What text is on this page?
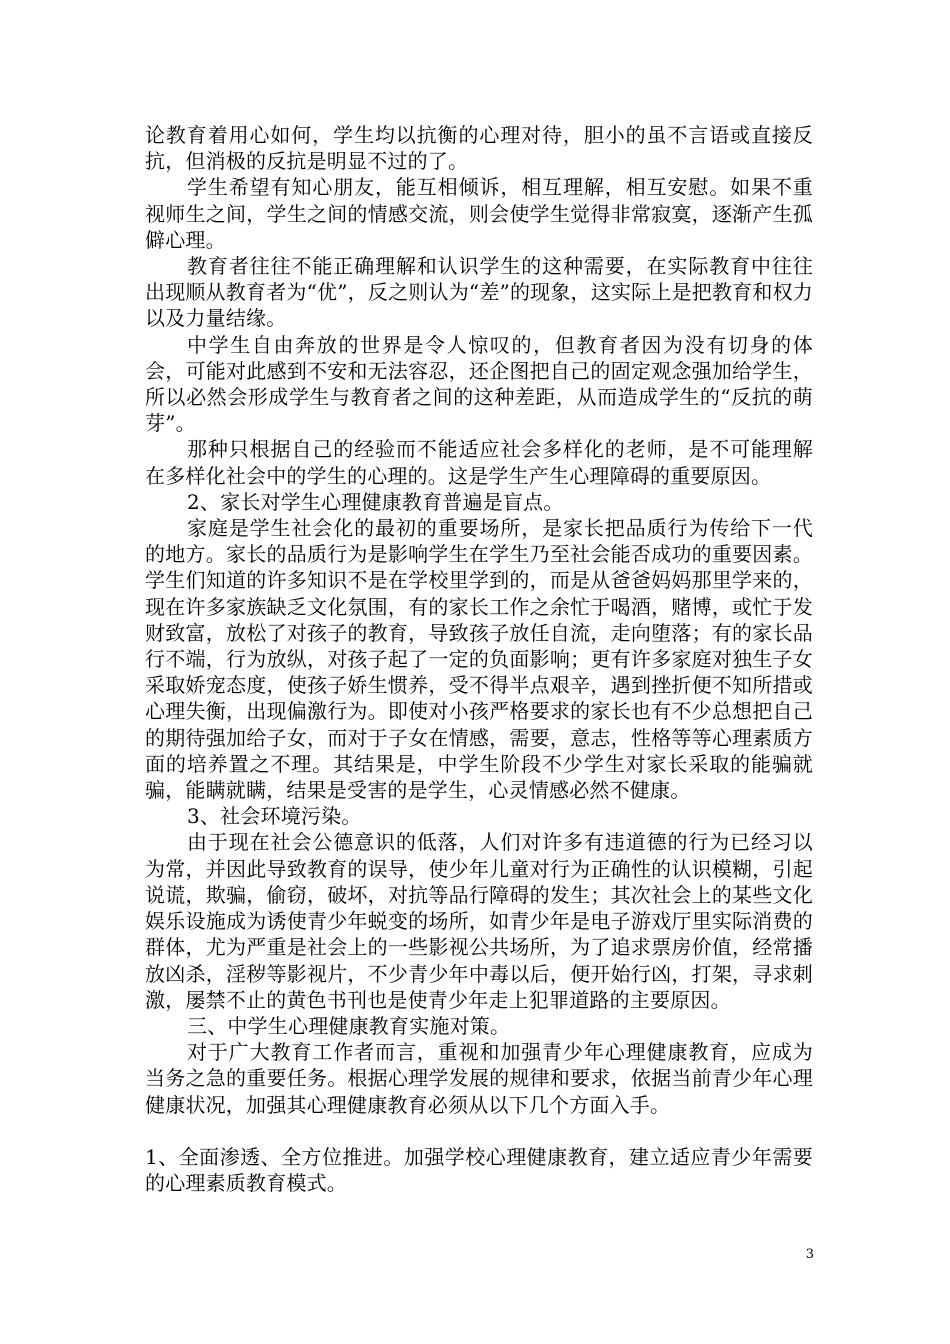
论教育着用心如何，学生均以抗衡的心理对待，胆小的虽不言语或直接反抗，但消极的反抗是明显不过的了。

学生希望有知心朋友，能互相倾诉，相互理解，相互安慰。如果不重视师生之间，学生之间的情感交流，则会使学生觉得非常寂寞，逐渐产生孤僻心理。

教育者往往不能正确理解和认识学生的这种需要，在实际教育中往往出现顺从教育者为“优”，反之则认为“差”的现象，这实际上是把教育和权力以及力量结缘。

中学生自由奔放的世界是令人惊叹的，但教育者因为没有切身的体会，可能对此感到不安和无法容忍，还企图把自己的固定观念强加给学生，所以必然会形成学生与教育者之间的这种差距，从而造成学生的“反抗的萌芽”。

那种只根据自己的经验而不能适应社会多样化的老师，是不可能理解在多样化社会中的学生的心理的。这是学生产生心理障碍的重要原因。

2、家长对学生心理健康教育普遍是盲点。

家庭是学生社会化的最初的重要场所，是家长把品质行为传给下一代的地方。家长的品质行为是影响学生在学生乃至社会能否成功的重要因素。学生们知道的许多知识不是在学校里学到的，而是从爸爸妈妈那里学来的，现在许多家族缺乏文化氛围，有的家长工作之余忙于喝酒，赌博，或忙于发财致富，放松了对孩子的教育，导致孩子放任自流，走向堕落；有的家长品行不端，行为放纵，对孩子起了一定的负面影响；更有许多家庭对独生子女采取娇宠态度，使孩子娇生惯养，受不得半点艰辛，遇到挫折便不知所措或心理失衡，出现偏激行为。即使对小孩严格要求的家长也有不少总想把自己的期待强加给子女，而对于子女在情感，需要，意志，性格等等心理素质方面的培养置之不理。其结果是，中学生阶段不少学生对家长采取的能骗就骗，能瞒就瞒，结果是受害的是学生，心灵情感必然不健康。

3、社会环境污染。

由于现在社会公德意识的低落，人们对许多有违道德的行为已经习以为常，并因此导致教育的误导，使少年儿童对行为正确性的认识模糊，引起说谎，欺骗，偷窃，破坏，对抗等品行障碍的发生；其次社会上的某些文化娱乐设施成为诱使青少年蜕变的场所，如青少年是电子游戏厅里实际消费的群体，尤为严重是社会上的一些影视公共场所，为了追求票房价值，经常播放凶杀，淫秽等影视片，不少青少年中毒以后，便开始行凶，打架，寻求刺激，屡禁不止的黄色书刊也是使青少年走上犯罪道路的主要原因。

三、中学生心理健康教育实施对策。

对于广大教育工作者而言，重视和加强青少年心理健康教育，应成为当务之急的重要任务。根据心理学发展的规律和要求，依据当前青少年心理健康状况，加强其心理健康教育必须从以下几个方面入手。

1、全面渗透、全方位推进。加强学校心理健康教育，建立适应青少年需要的心理素质教育模式。

3
